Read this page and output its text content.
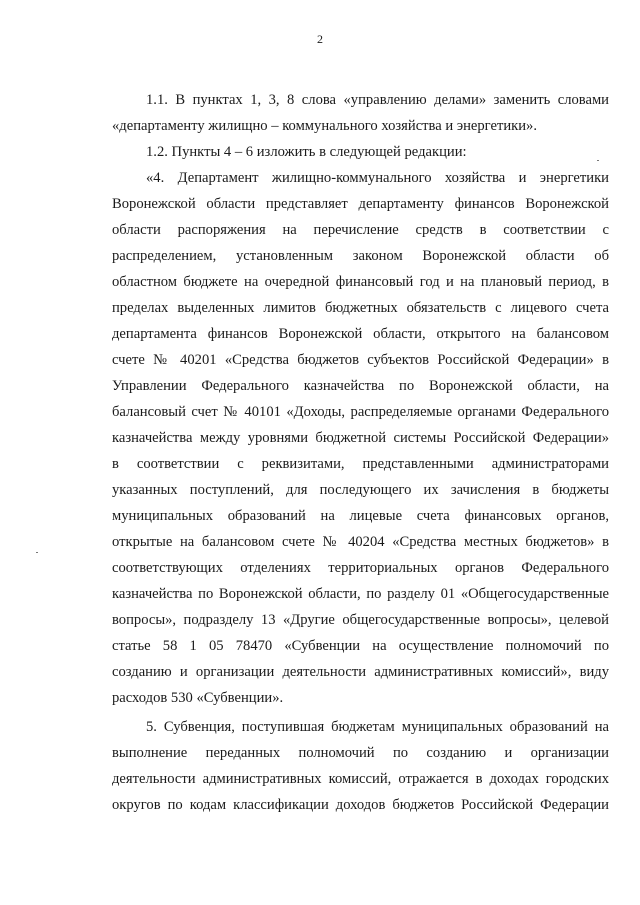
2
1.1. В пунктах 1, 3, 8 слова «управлению делами» заменить словами
«департаменту жилищно – коммунального хозяйства и энергетики».
1.2. Пункты 4 – 6 изложить в следующей редакции:
«4. Департамент жилищно-коммунального хозяйства и энергетики
Воронежской области представляет департаменту финансов Воронежской
области распоряжения на перечисление средств в соответствии с
распределением, установленным законом Воронежской области об
областном бюджете на очередной финансовый год и на плановый период, в
пределах выделенных лимитов бюджетных обязательств с лицевого счета
департамента финансов Воронежской области, открытого на балансовом
счете № 40201 «Средства бюджетов субъектов Российской Федерации» в
Управлении Федерального казначейства по Воронежской области, на
балансовый счет № 40101 «Доходы, распределяемые органами Федерального
казначейства между уровнями бюджетной системы Российской Федерации»
в соответствии с реквизитами, представленными администраторами
указанных поступлений, для последующего их зачисления в бюджеты
муниципальных образований на лицевые счета финансовых органов,
открытые на балансовом счете № 40204 «Средства местных бюджетов» в
соответствующих отделениях территориальных органов Федерального
казначейства по Воронежской области, по разделу 01 «Общегосударственные
вопросы», подразделу 13 «Другие общегосударственные вопросы», целевой
статье 58 1 05 78470 «Субвенции на осуществление полномочий по
созданию и организации деятельности административных комиссий», виду
расходов 530 «Субвенции».
5. Субвенция, поступившая бюджетам муниципальных образований на
выполнение переданных полномочий по созданию и организации
деятельности административных комиссий, отражается в доходах городских
округов по кодам классификации доходов бюджетов Российской Федерации
